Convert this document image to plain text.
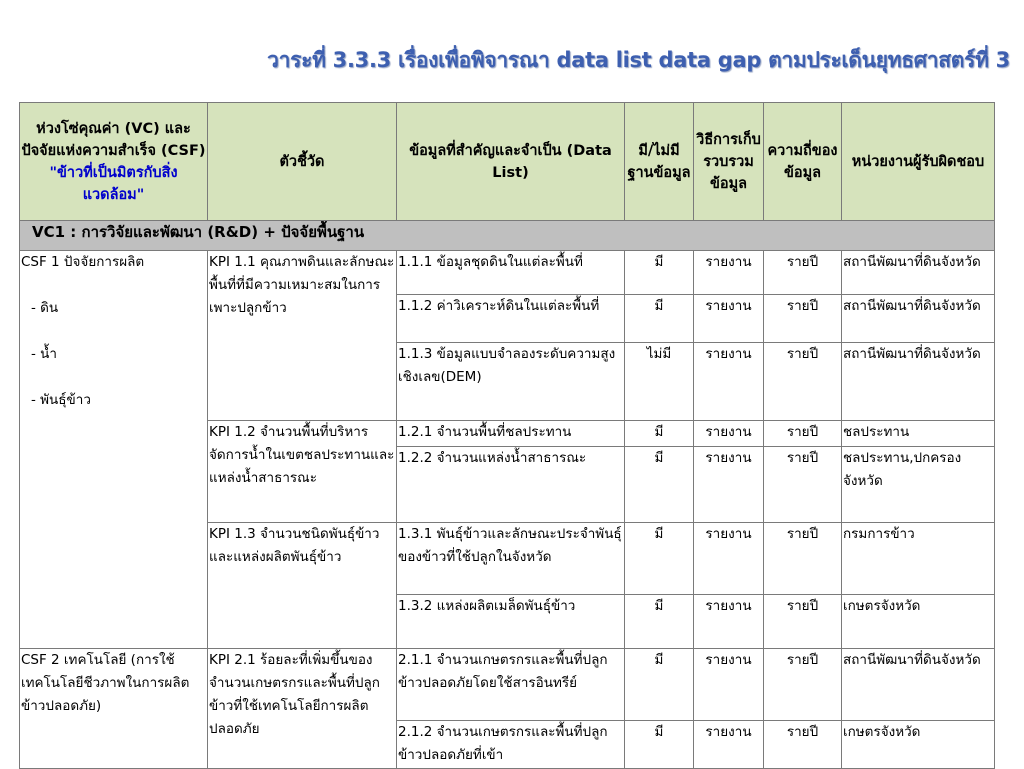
วาระที่ 3.3.3 เรื่องเพื่อพิจารณา data list data gap ตามประเด็นยุทธศาสตร์ที่ 3
ห่วงโซ่คุณค่า (VC) และปัจจัยแห่งความสำเร็จ (CSF)
"ข้าวที่เป็นมิตรกับสิ่งแวดล้อม"	ตัวชี้วัด	ข้อมูลที่สำคัญและจำเป็น (Data List)	มี/ไม่มีฐานข้อมูล	วิธีการเก็บรวบรวมข้อมูล	ความถี่ของข้อมูล	หน่วยงานผู้รับผิดชอบ
VC1 : การวิจัยและพัฒนา (R&D) + ปัจจัยพื้นฐาน						

CSF 1 ปัจจัยการผลิต
- ดิน
- น้ำ
- พันธุ์ข้าว	KPI 1.1 คุณภาพดินและลักษณะพื้นที่ที่มีความเหมาะสมในการเพาะปลูกข้าว	1.1.1 ข้อมูลชุดดินในแต่ละพื้นที่	มี	รายงาน	รายปี	สถานีพัฒนาที่ดินจังหวัด
		1.1.2 ค่าวิเคราะห์ดินในแต่ละพื้นที่	มี	รายงาน	รายปี	สถานีพัฒนาที่ดินจังหวัด
		1.1.3 ข้อมูลแบบจำลองระดับความสูงเชิงเลข(DEM)	ไม่มี	รายงาน	รายปี	สถานีพัฒนาที่ดินจังหวัด
	KPI 1.2 จำนวนพื้นที่บริหารจัดการน้ำในเขตชลประทานและแหล่งน้ำสาธารณะ	1.2.1 จำนวนพื้นที่ชลประทาน	มี	รายงาน	รายปี	ชลประทาน
		1.2.2 จำนวนแหล่งน้ำสาธารณะ	มี	รายงาน	รายปี	ชลประทาน,ปกครองจังหวัด
	KPI 1.3 จำนวนชนิดพันธุ์ข้าวและแหล่งผลิตพันธุ์ข้าว	1.3.1 พันธุ์ข้าวและลักษณะประจำพันธุ์ของข้าวที่ใช้ปลูกในจังหวัด	มี	รายงาน	รายปี	กรมการข้าว
		1.3.2 แหล่งผลิตเมล็ดพันธุ์ข้าว	มี	รายงาน	รายปี	เกษตรจังหวัด
CSF 2 เทคโนโลยี (การใช้เทคโนโลยีชีวภาพในการผลิตข้าวปลอดภัย)	KPI 2.1 ร้อยละที่เพิ่มขึ้นของจำนวนเกษตรกรและพื้นที่ปลูกข้าวที่ใช้เทคโนโลยีการผลิตปลอดภัย	2.1.1 จำนวนเกษตรกรและพื้นที่ปลูกข้าวปลอดภัยโดยใช้สารอินทรีย์	มี	รายงาน	รายปี	สถานีพัฒนาที่ดินจังหวัด
		2.1.2 จำนวนเกษตรกรและพื้นที่ปลูกข้าวปลอดภัยที่เข้า	มี	รายงาน	รายปี	เกษตรจังหวัด
